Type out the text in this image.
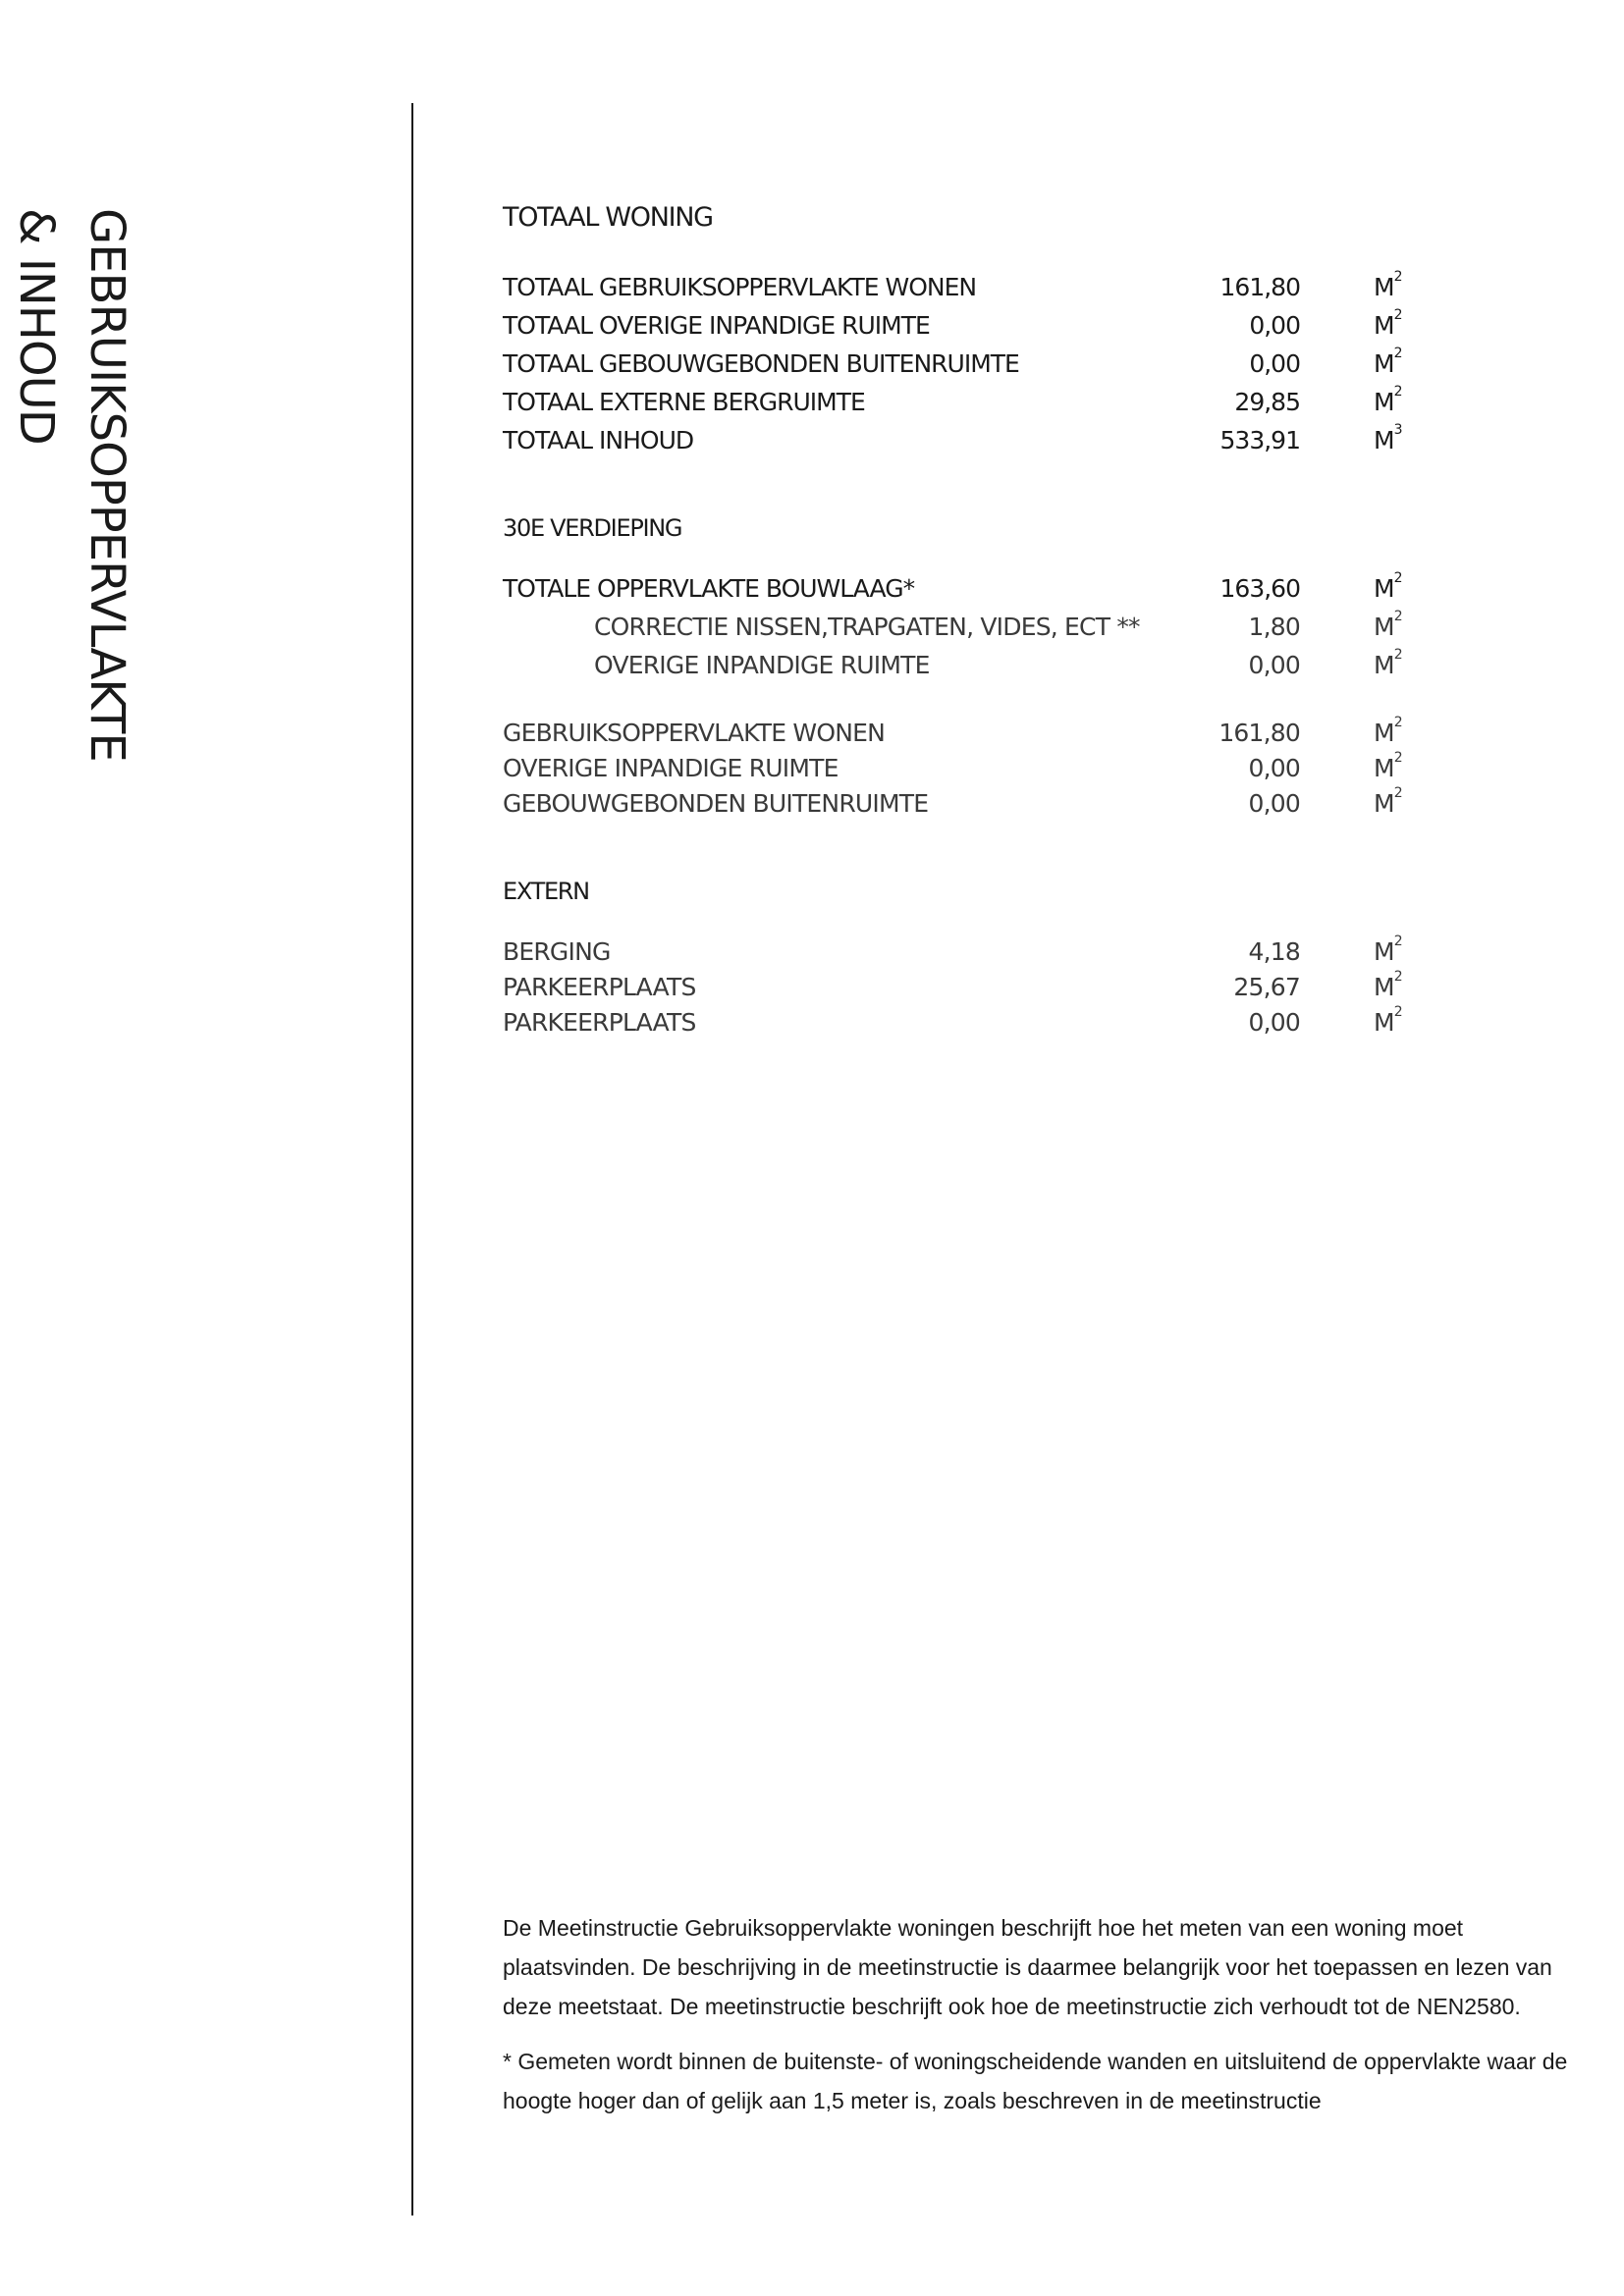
GEBRUIKSOPPERVLAKTE
& INHOUD	TOTAAL WONING
TOTAAL GEBRUIKSOPPERVLAKTE WONEN	161,80	$M^2$
TOTAAL OVERIGE INPANDIGE RUIMTE	0,00	$M^2$
TOTAAL GEBOUWGEBONDEN BUITENRUIMTE	0,00	$M^2$
TOTAAL EXTERNE BERGRUIMTE	29,85	$M^2$
TOTAAL INHOUD	533,91	$M^3$
30E VERDIEPING
TOTALE OPPERVLAKTE BOUWLAAG*	163,60	$M^2$
CORRECTIE NISSEN,TRAPGATEN, VIDES, ECT **	1,80	$M^2$
OVERIGE INPANDIGE RUIMTE	0,00	$M^2$
GEBRUIKSOPPERVLAKTE WONEN	161,80	$M^2$
OVERIGE INPANDIGE RUIMTE	0,00	$M^2$
GEBOUWGEBONDEN BUITENRUIMTE	0,00	$M^2$
EXTERN
BERGING	4,18	$M^2$
PARKEERPLAATS	25,67	$M^2$
PARKEERPLAATS	0,00	$M^2$

De Meetinstructie Gebruiksoppervlakte woningen beschrijft hoe het meten van een woning moet plaatsvinden. De beschrijving in de meetinstructie is daarmee belangrijk voor het toepassen en lezen van deze meetstaat. De meetinstructie beschrijft ook hoe de meetinstructie zich verhoudt tot de NEN2580.

* Gemeten wordt binnen de buitenste- of woningscheidende wanden en uitsluitend de oppervlakte waar de hoogte hoger dan of gelijk aan 1,5 meter is, zoals beschreven in de meetinstructie
